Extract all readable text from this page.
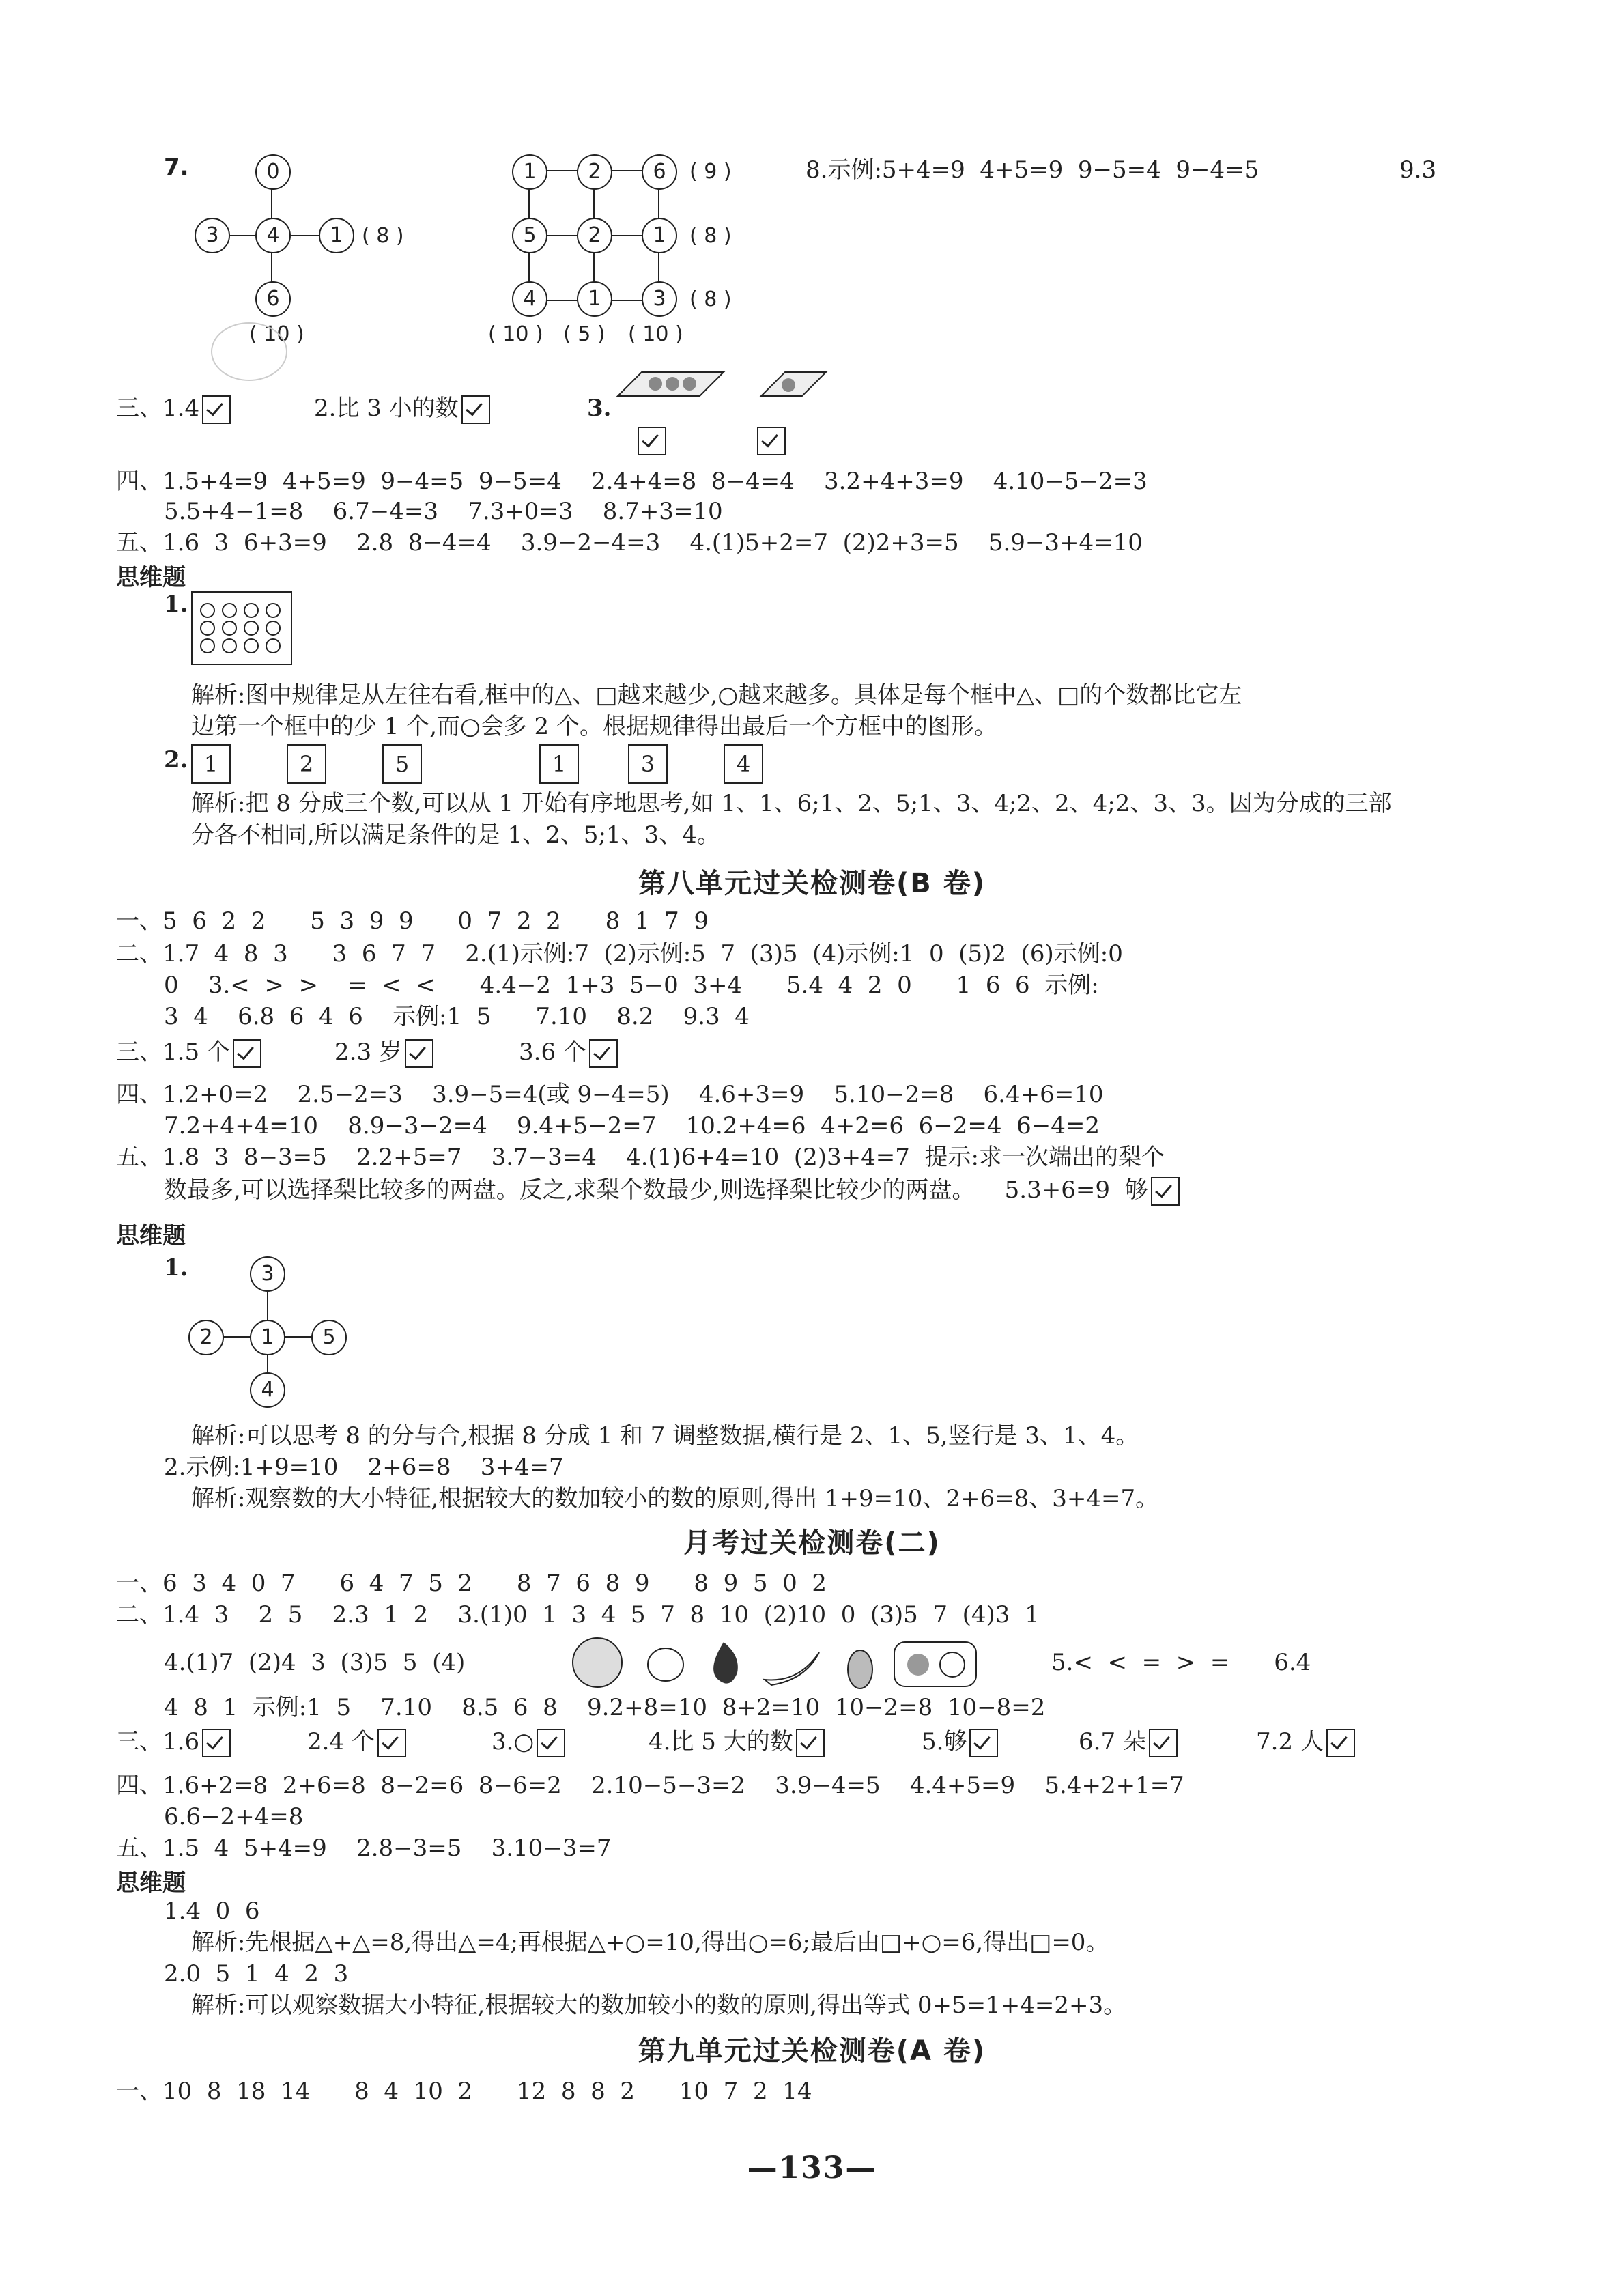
7.	0
3	4	1
6
( 8 )
( 10 )
1	2	6
5	2	1
4	1	3
( 9 )
( 8 )
( 8 )
( 10 ) ( 5 ) ( 10 )
8.示例:5+4=9  4+5=9  9−5=4  9−4=5	9.3
三、1.4	2.比 3 小的数	3.
四、1.5+4=9  4+5=9  9−4=5  9−5=4    2.4+4=8  8−4=4    3.2+4+3=9    4.10−5−2=3
5.5+4−1=8    6.7−4=3    7.3+0=3    8.7+3=10
五、1.6  3  6+3=9    2.8  8−4=4    3.9−2−4=3    4.(1)5+2=7  (2)2+3=5    5.9−3+4=10
思维题
1.
解析:图中规律是从左往右看,框中的△、□越来越少,○越来越多。具体是每个框中△、□的个数都比它左
边第一个框中的少 1 个,而○会多 2 个。根据规律得出最后一个方框中的图形。
2. 1	2	5	1	3	4
解析:把 8 分成三个数,可以从 1 开始有序地思考,如 1、1、6;1、2、5;1、3、4;2、2、4;2、3、3。因为分成的三部
分各不相同,所以满足条件的是 1、2、5;1、3、4。
第八单元过关检测卷(B 卷)
一、5  6  2  2      5  3  9  9      0  7  2  2      8  1  7  9
二、1.7  4  8  3      3  6  7  7    2.(1)示例:7  (2)示例:5  7  (3)5  (4)示例:1  0  (5)2  (6)示例:0
0    3.<  >  >    =  <  <      4.4−2  1+3  5−0  3+4      5.4  4  2  0      1  6  6  示例:
3  4    6.8  6  4  6    示例:1  5      7.10    8.2    9.3  4
三、1.5 个	2.3 岁	3.6 个
四、1.2+0=2    2.5−2=3    3.9−5=4(或 9−4=5)    4.6+3=9    5.10−2=8    6.4+6=10
7.2+4+4=10    8.9−3−2=4    9.4+5−2=7    10.2+4=6  4+2=6  6−2=4  6−4=2
五、1.8  3  8−3=5    2.2+5=7    3.7−3=4    4.(1)6+4=10  (2)3+4=7  提示:求一次端出的梨个
数最多,可以选择梨比较多的两盘。反之,求梨个数最少,则选择梨比较少的两盘。    5.3+6=9  够
思维题
1.	3
2	1	5
4
解析:可以思考 8 的分与合,根据 8 分成 1 和 7 调整数据,横行是 2、1、5,竖行是 3、1、4。
2.示例:1+9=10    2+6=8    3+4=7
解析:观察数的大小特征,根据较大的数加较小的数的原则,得出 1+9=10、2+6=8、3+4=7。
月考过关检测卷(二)
一、6  3  4  0  7      6  4  7  5  2      8  7  6  8  9      8  9  5  0  2
二、1.4  3    2  5    2.3  1  2    3.(1)0  1  3  4  5  7  8  10  (2)10  0  (3)5  7  (4)3  1
4.(1)7  (2)4  3  (3)5  5  (4)	5.<  <  =  >  =      6.4
4  8  1  示例:1  5    7.10    8.5  6  8    9.2+8=10  8+2=10  10−2=8  10−8=2
三、1.6	2.4 个	3.○	4.比 5 大的数	5.够	6.7 朵	7.2 人
四、1.6+2=8  2+6=8  8−2=6  8−6=2    2.10−5−3=2    3.9−4=5    4.4+5=9    5.4+2+1=7
6.6−2+4=8
五、1.5  4  5+4=9    2.8−3=5    3.10−3=7
思维题
1.4  0  6
解析:先根据△+△=8,得出△=4;再根据△+○=10,得出○=6;最后由□+○=6,得出□=0。
2.0  5  1  4  2  3
解析:可以观察数据大小特征,根据较大的数加较小的数的原则,得出等式 0+5=1+4=2+3。
第九单元过关检测卷(A 卷)
一、10  8  18  14      8  4  10  2      12  8  8  2      10  7  2  14
—133—
